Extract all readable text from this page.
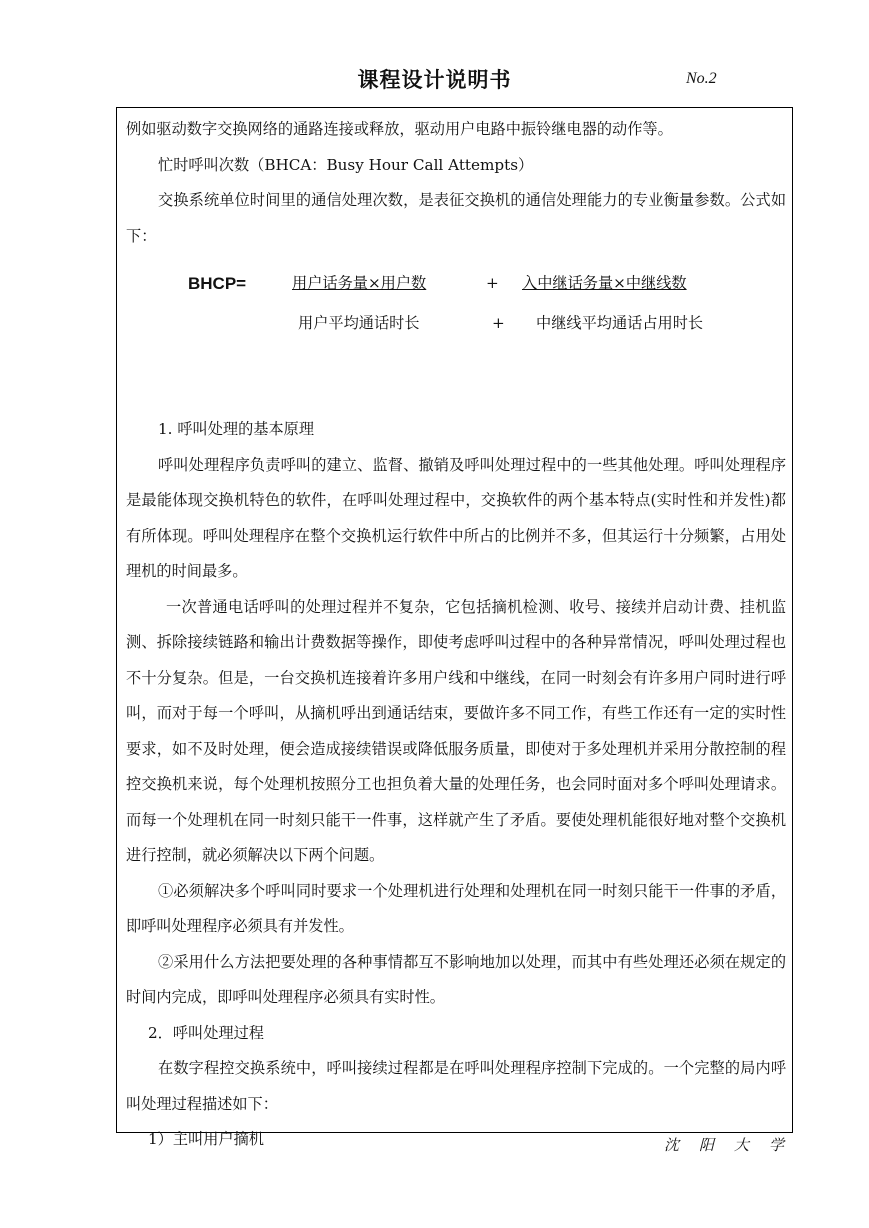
课程设计说明书	No.2

例如驱动数字交换网络的通路连接或释放，驱动用户电路中振铃继电器的动作等。

忙时呼叫次数（BHCA：Busy Hour Call Attempts）

交换系统单位时间里的通信处理次数，是表征交换机的通信处理能力的专业衡量参数。公式如下：

BHCP=	用户话务量×用户数	+ 入中继话务量×中继线数
用户平均通话时长	+ 中继线平均通话占用时长

1. 呼叫处理的基本原理

呼叫处理程序负责呼叫的建立、监督、撤销及呼叫处理过程中的一些其他处理。呼叫处理程序是最能体现交换机特色的软件，在呼叫处理过程中，交换软件的两个基本特点(实时性和并发性)都有所体现。呼叫处理程序在整个交换机运行软件中所占的比例并不多，但其运行十分频繁，占用处理机的时间最多。

一次普通电话呼叫的处理过程并不复杂，它包括摘机检测、收号、接续并启动计费、挂机监测、拆除接续链路和输出计费数据等操作，即使考虑呼叫过程中的各种异常情况，呼叫处理过程也不十分复杂。但是，一台交换机连接着许多用户线和中继线，在同一时刻会有许多用户同时进行呼叫，而对于每一个呼叫，从摘机呼出到通话结束，要做许多不同工作，有些工作还有一定的实时性要求，如不及时处理，便会造成接续错误或降低服务质量，即使对于多处理机并采用分散控制的程控交换机来说，每个处理机按照分工也担负着大量的处理任务，也会同时面对多个呼叫处理请求。而每一个处理机在同一时刻只能干一件事，这样就产生了矛盾。要使处理机能很好地对整个交换机进行控制，就必须解决以下两个问题。

①必须解决多个呼叫同时要求一个处理机进行处理和处理机在同一时刻只能干一件事的矛盾，即呼叫处理程序必须具有并发性。

②采用什么方法把要处理的各种事情都互不影响地加以处理，而其中有些处理还必须在规定的时间内完成，即呼叫处理程序必须具有实时性。

2．呼叫处理过程

在数字程控交换系统中，呼叫接续过程都是在呼叫处理程序控制下完成的。一个完整的局内呼叫处理过程描述如下：

1）主叫用户摘机	沈阳大学
